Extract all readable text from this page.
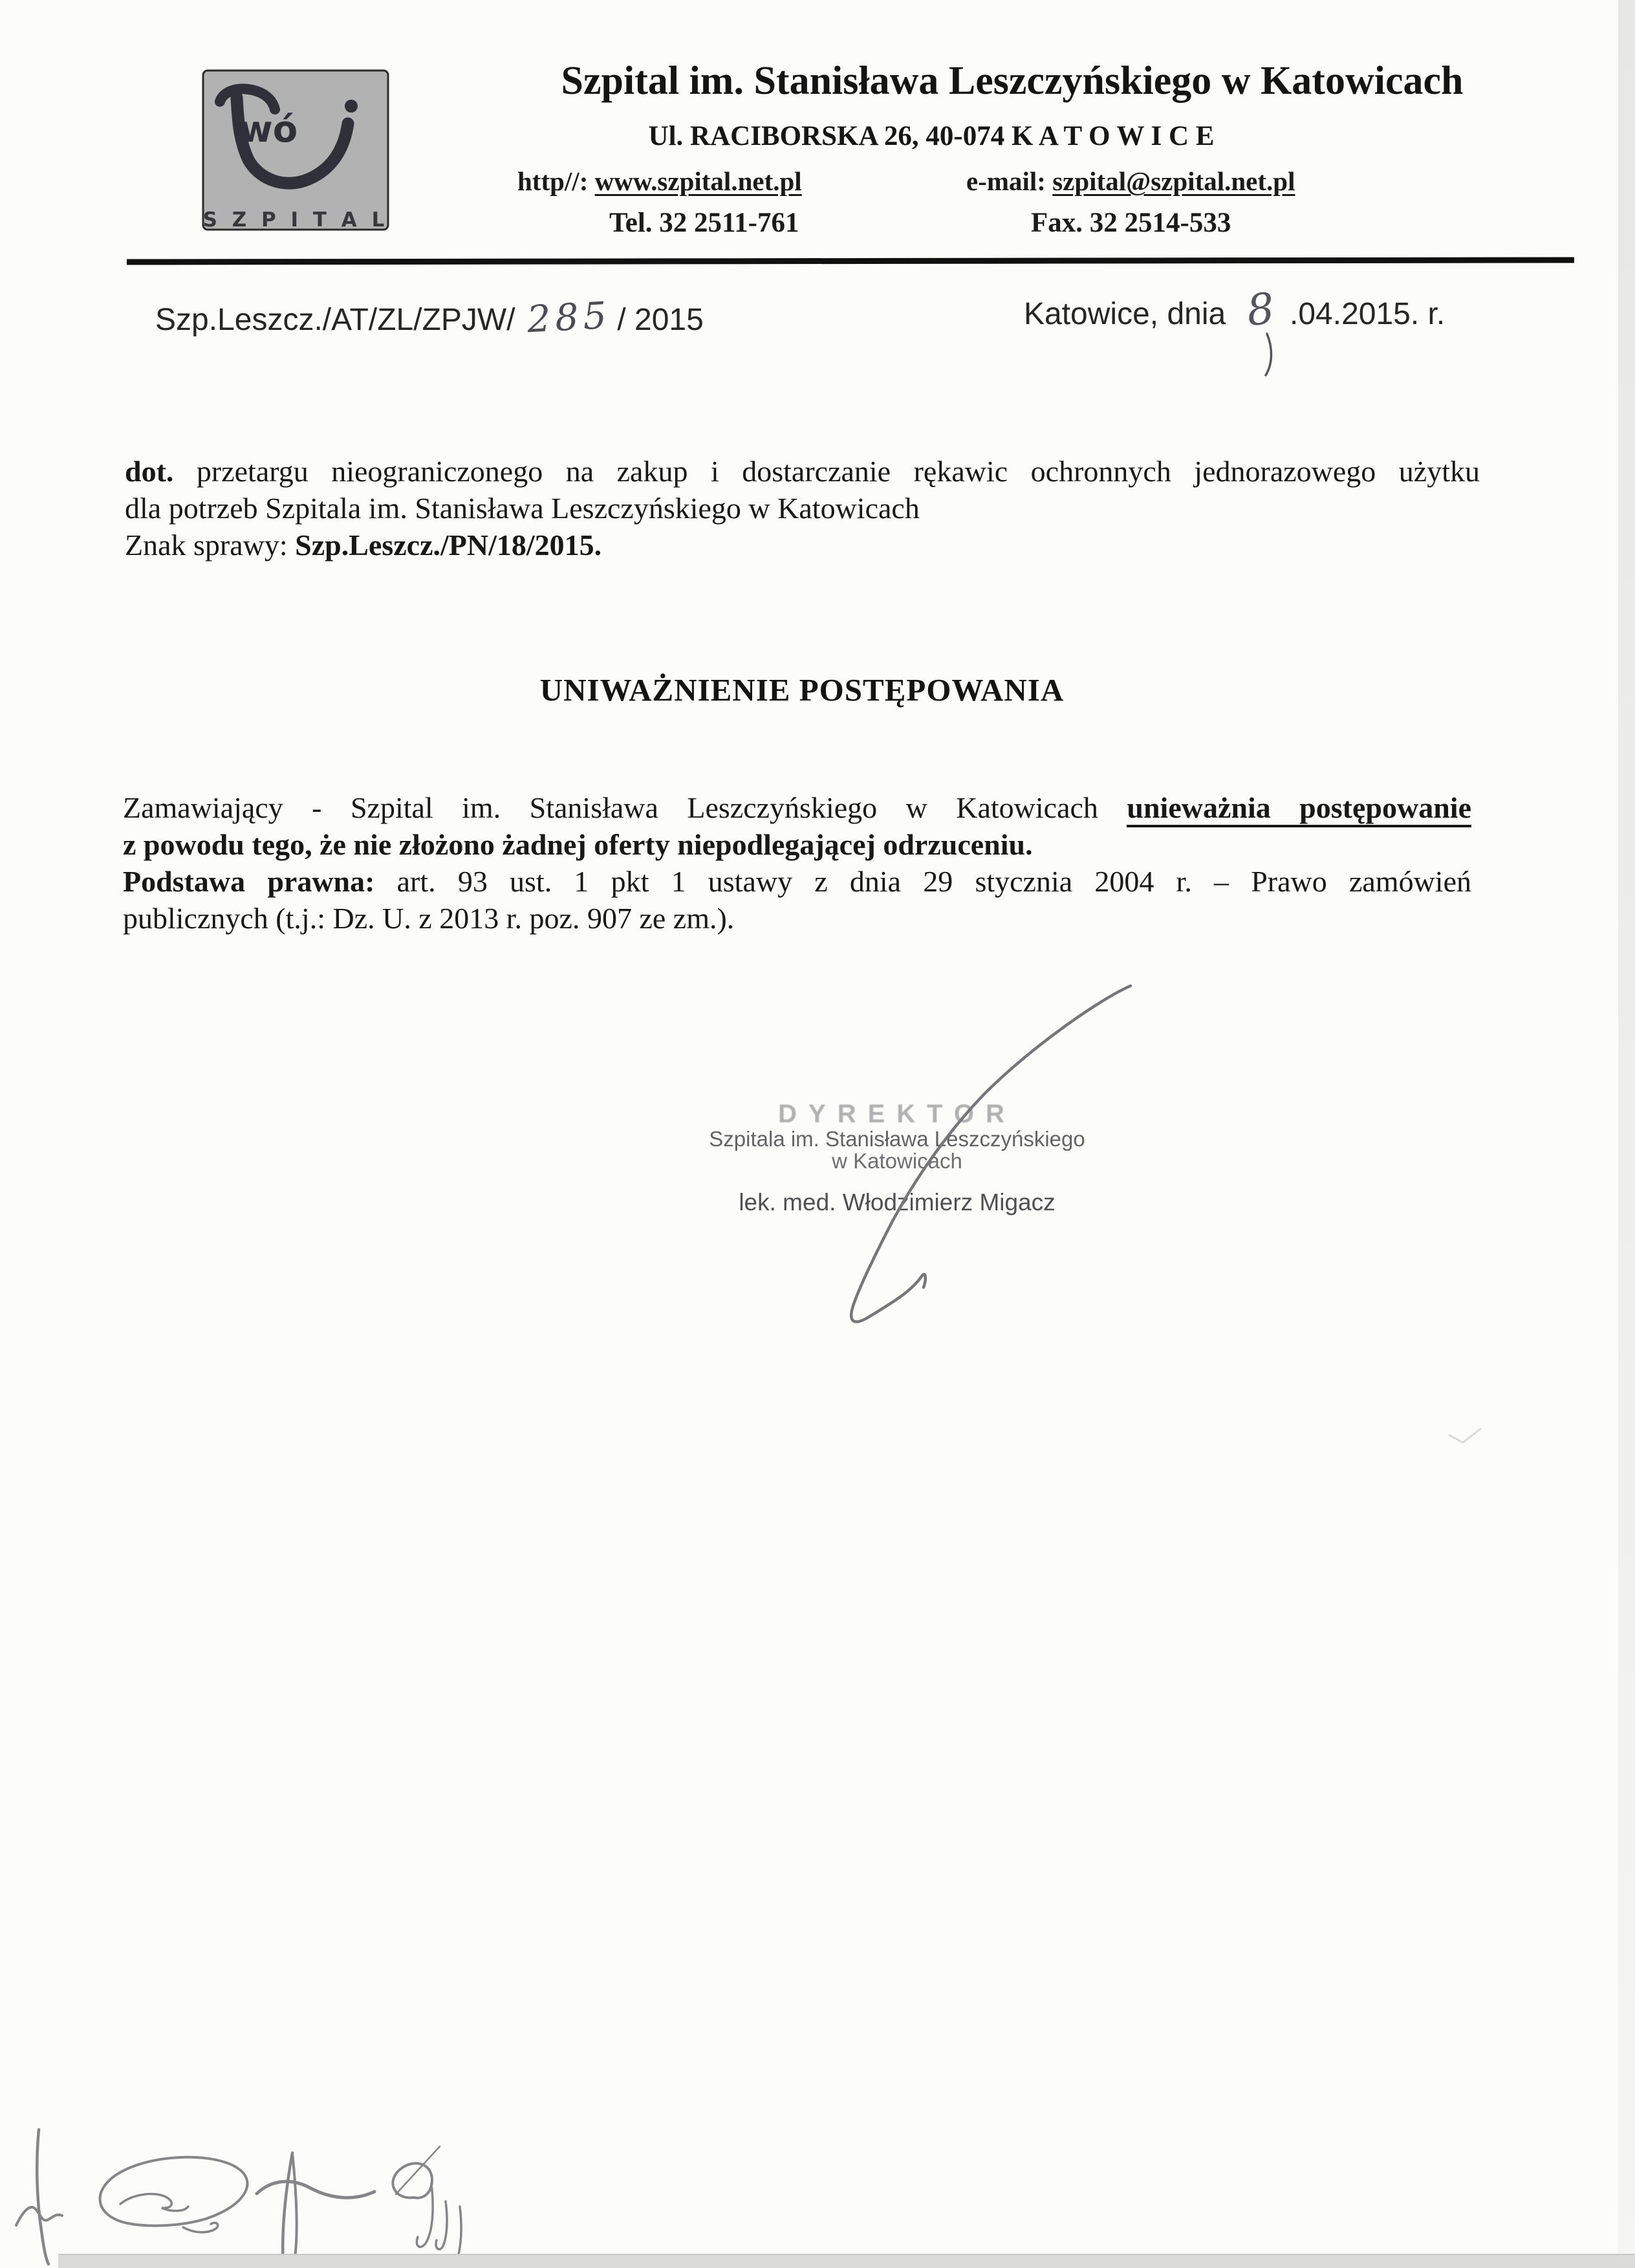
wó
S Z P I T A L
Szpital im. Stanisława Leszczyńskiego w Katowicach
Ul. RACIBORSKA 26, 40-074 K A T O W I C E
http//: www.szpital.net.pl	e-mail: szpital@szpital.net.pl
Tel. 32 2511-761	Fax. 32 2514-533
Szp.Leszcz./AT/ZL/ZPJW/ 285 / 2015	Katowice, dnia 8 .04.2015. r.
dot. przetargu nieograniczonego na zakup i dostarczanie rękawic ochronnych jednorazowego użytku
dla potrzeb Szpitala im. Stanisława Leszczyńskiego w Katowicach
Znak sprawy: Szp.Leszcz./PN/18/2015.
UNIWAŻNIENIE POSTĘPOWANIA
Zamawiający - Szpital im. Stanisława Leszczyńskiego w Katowicach unieważnia postępowanie
z powodu tego, że nie złożono żadnej oferty niepodlegającej odrzuceniu.
Podstawa prawna: art. 93 ust. 1 pkt 1 ustawy z dnia 29 stycznia 2004 r. – Prawo zamówień
publicznych (t.j.: Dz. U. z 2013 r. poz. 907 ze zm.).
DYREKTOR
Szpitala im. Stanisława Leszczyńskiego
w Katowicach
lek. med. Włodzimierz Migacz
